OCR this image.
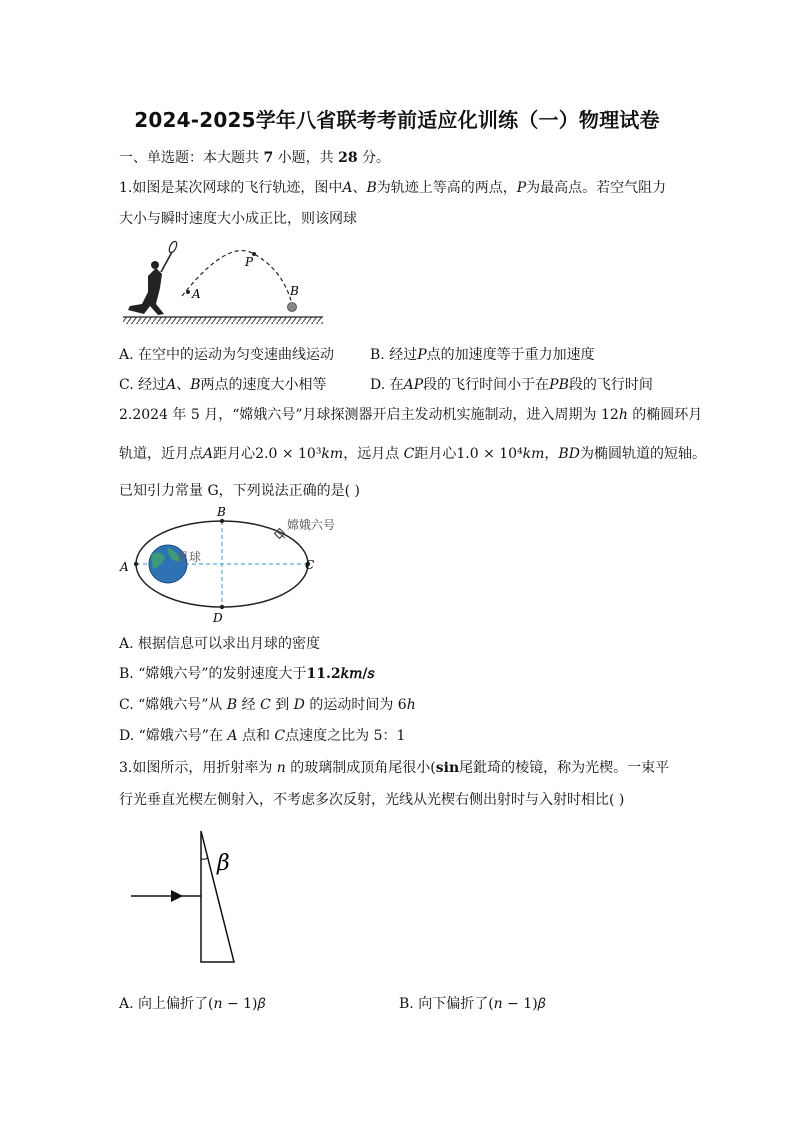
2024-2025学年八省联考考前适应化训练（一）物理试卷
一、单选题：本大题共 7 小题，共 28 分。
1.如图是某次网球的飞行轨迹，图中𝐴、𝐵为轨迹上等高的两点，𝑃为最高点。若空气阻力
大小与瞬时速度大小成正比，则该网球
A
P
B
A. 在空中的运动为匀变速曲线运动	B. 经过𝑃点的加速度等于重力加速度
C. 经过𝐴、𝐵两点的速度大小相等	D. 在𝐴𝑃段的飞行时间小于在𝑃𝐵段的飞行时间
2.2024 年 5 月，“嫦娥六号”月球探测器开启主发动机实施制动，进入周期为 12ℎ 的椭圆环月
轨道，近月点𝐴距月心2.0 × 10³𝑘𝑚，远月点 𝐶距月心1.0 × 10⁴𝑘𝑚，𝐵𝐷为椭圆轨道的短轴。
已知引力常量 G，下列说法正确的是( )
A
B
C
D
月球
嫦娥六号
A. 根据信息可以求出月球的密度
B. “嫦娥六号”的发射速度大于11.2𝑘𝑚/𝑠
C. “嫦娥六号”从 𝐵 经 𝐶 到 𝐷 的运动时间为 6ℎ
D. “嫦娥六号”在 𝐴 点和 𝐶点速度之比为 5：1
3.如图所示，用折射率为 𝑛 的玻璃制成顶角尾很小(sin尾鈚琦的棱镜，称为光楔。一束平
行光垂直光楔左侧射入，不考虑多次反射，光线从光楔右侧出射时与入射时相比( )
β
A. 向上偏折了(𝑛 − 1)𝛽	B. 向下偏折了(𝑛 − 1)𝛽
